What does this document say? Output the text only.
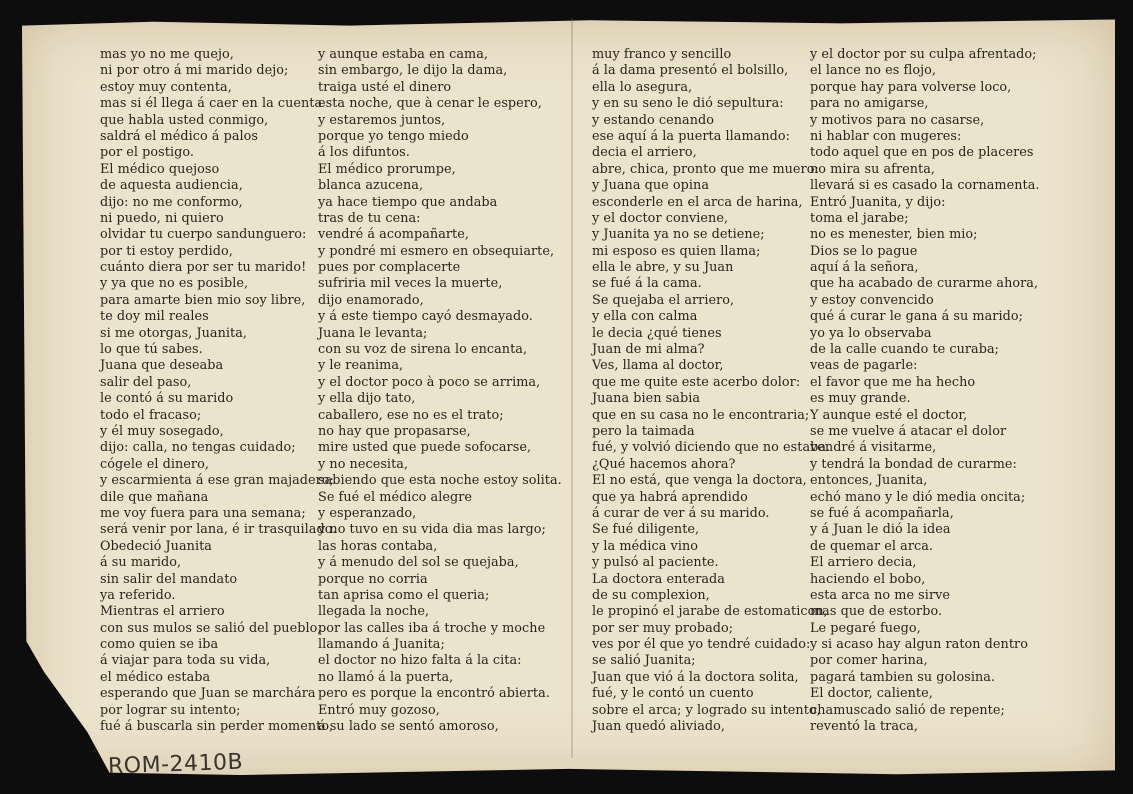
mas yo no me quejo,
ni por otro á mi marido dejo;
estoy muy contenta,
mas si él llega á caer en la cuenta
que habla usted conmigo,
saldrá el médico á palos
por el postigo.
El médico quejoso
de aquesta audiencia,
dijo: no me conformo,
ni puedo, ni quiero
olvidar tu cuerpo sandunguero:
por ti estoy perdido,
cuánto diera por ser tu marido!
y ya que no es posible,
para amarte bien mio soy libre,
te doy mil reales
si me otorgas, Juanita,
lo que tú sabes.
Juana que deseaba
salir del paso,
le contó á su marido
todo el fracaso;
y él muy sosegado,
dijo: calla, no tengas cuidado;
cógele el dinero,
y escarmienta á ese gran majadero;
dile que mañana
me voy fuera para una semana;
será venir por lana, é ir trasquilado.
Obedeció Juanita
á su marido,
sin salir del mandato
ya referido.
Mientras el arriero
con sus mulos se salió del pueblo,
como quien se iba
á viajar para toda su vida,
el médico estaba
esperando que Juan se marchára
por lograr su intento;
fué á buscarla sin perder momento,
y aunque estaba en cama,
sin embargo, le dijo la dama,
traiga usté el dinero
esta noche, que à cenar le espero,
y estaremos juntos,
porque yo tengo miedo
á los difuntos.
El médico prorumpe,
blanca azucena,
ya hace tiempo que andaba
tras de tu cena:
vendré á acompañarte,
y pondré mi esmero en obsequiarte,
pues por complacerte
sufriria mil veces la muerte,
dijo enamorado,
y á este tiempo cayó desmayado.
Juana le levanta;
con su voz de sirena lo encanta,
y le reanima,
y el doctor poco à poco se arrima,
y ella dijo tato,
caballero, ese no es el trato;
no hay que propasarse,
mire usted que puede sofocarse,
y no necesita,
sabiendo que esta noche estoy solita.
Se fué el médico alegre
y esperanzado,
y no tuvo en su vida dia mas largo;
las horas contaba,
y á menudo del sol se quejaba,
porque no corria
tan aprisa como el queria;
llegada la noche,
por las calles iba á troche y moche
llamando á Juanita;
el doctor no hizo falta á la cita:
no llamó á la puerta,
pero es porque la encontró abierta.
Entró muy gozoso,
á su lado se sentó amoroso,
muy franco y sencillo
á la dama presentó el bolsillo,
ella lo asegura,
y en su seno le dió sepultura:
y estando cenando
ese aquí á la puerta llamando:
decia el arriero,
abre, chica, pronto que me muero:
y Juana que opina
esconderle en el arca de harina,
y el doctor conviene,
y Juanita ya no se detiene;
mi esposo es quien llama;
ella le abre, y su Juan
se fué á la cama.
Se quejaba el arriero,
y ella con calma
le decia ¿qué tienes
Juan de mi alma?
Ves, llama al doctor,
que me quite este acerbo dolor:
Juana bien sabia
que en su casa no le encontraria;
pero la taimada
fué, y volvió diciendo que no estaba.
¿Qué hacemos ahora?
El no está, que venga la doctora,
que ya habrá aprendido
á curar de ver á su marido.
Se fué diligente,
y la médica vino
y pulsó al paciente.
La doctora enterada
de su complexion,
le propinó el jarabe de estomaticon,
por ser muy probado;
ves por él que yo tendré cuidado:
se salió Juanita;
Juan que vió á la doctora solita,
fué, y le contó un cuento
sobre el arca; y logrado su intento,
Juan quedó aliviado,
y el doctor por su culpa afrentado;
el lance no es flojo,
porque hay para volverse loco,
para no amigarse,
y motivos para no casarse,
ni hablar con mugeres:
todo aquel que en pos de placeres
no mira su afrenta,
llevará si es casado la cornamenta.
Entró Juanita, y dijo:
toma el jarabe;
no es menester, bien mio;
Dios se lo pague
aquí á la señora,
que ha acabado de curarme ahora,
y estoy convencido
qué á curar le gana á su marido;
yo ya lo observaba
de la calle cuando te curaba;
veas de pagarle:
el favor que me ha hecho
es muy grande.
Y aunque esté el doctor,
se me vuelve á atacar el dolor
vendré á visitarme,
y tendrá la bondad de curarme:
entonces, Juanita,
echó mano y le dió media oncita;
se fué á acompañarla,
y á Juan le dió la idea
de quemar el arca.
El arriero decia,
haciendo el bobo,
esta arca no me sirve
mas que de estorbo.
Le pegaré fuego,
y si acaso hay algun raton dentro
por comer harina,
pagará tambien su golosina.
El doctor, caliente,
chamuscado salió de repente;
reventó la traca,
ROM-2410B
